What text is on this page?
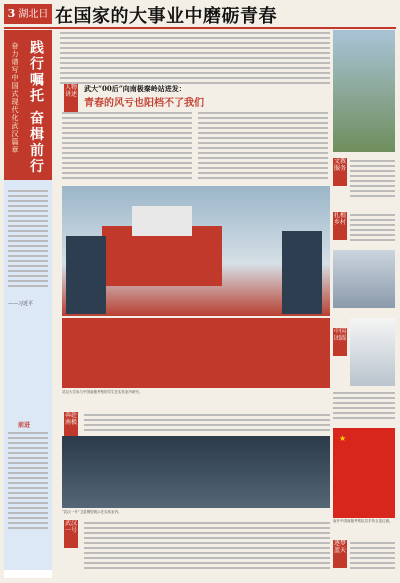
3 湖北日 在国家的大事业中磨砺青春
践行嘱托 奋楫前行
奋力谱写中国式现代化武汉篇章
——习近平
前进
人物讲述
武大“00后”向南极秦岭站进发：
青春的风亏也阳档不了我们
武汉大学参与中国南极考察的学生在实验室内研究。
奔赴南极
“武汉一号”卫星模型展示在实验室内。
武汉一号
文教服务
扎根乡村
中国团圆
★
南开中国南极考察队员手持五星红旗。
逐梦蓝天
